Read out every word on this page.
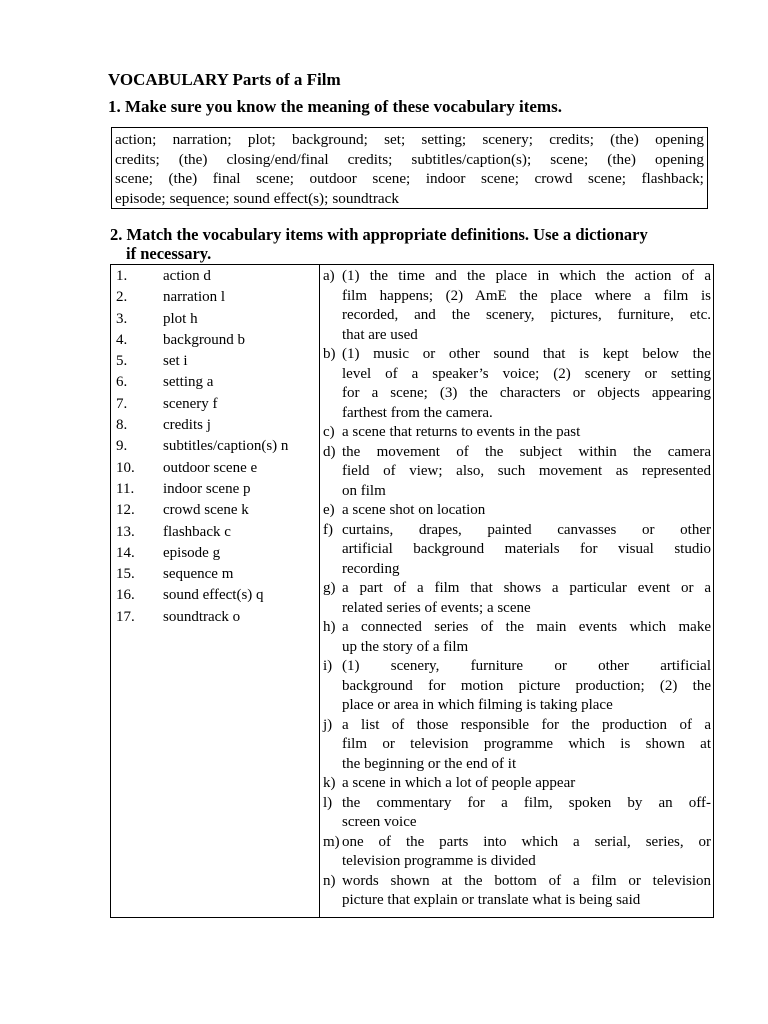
VOCABULARY Parts of a Film
1. Make sure you know the meaning of these vocabulary items.
action; narration; plot; background; set; setting; scenery; credits; (the) opening
credits; (the) closing/end/final credits; subtitles/caption(s); scene; (the) opening
scene; (the) final scene; outdoor scene; indoor scene; crowd scene; flashback;
episode; sequence; sound effect(s); soundtrack
2. Match the vocabulary items with appropriate definitions. Use a dictionary
if necessary.
1. action d
2. narration l
3. plot h
4. background b
5. set i
6. setting a
7. scenery f
8. credits j
9. subtitles/caption(s) n
10. outdoor scene e
11. indoor scene p
12. crowd scene k
13. flashback c
14. episode g
15. sequence m
16. sound effect(s) q
17. soundtrack o
a) (1) the time and the place in which the action of a
film happens; (2) AmE the place where a film is
recorded, and the scenery, pictures, furniture, etc.
that are used
b) (1) music or other sound that is kept below the
level of a speaker’s voice; (2) scenery or setting
for a scene; (3) the characters or objects appearing
farthest from the camera.
c) a scene that returns to events in the past
d) the movement of the subject within the camera
field of view; also, such movement as represented
on film
e) a scene shot on location
f) curtains, drapes, painted canvasses or other
artificial background materials for visual studio
recording
g) a part of a film that shows a particular event or a
related series of events; a scene
h) a connected series of the main events which make
up the story of a film
i) (1) scenery, furniture or other artificial
background for motion picture production; (2) the
place or area in which filming is taking place
j) a list of those responsible for the production of a
film or television programme which is shown at
the beginning or the end of it
k) a scene in which a lot of people appear
l) the commentary for a film, spoken by an off-
screen voice
m) one of the parts into which a serial, series, or
television programme is divided
n) words shown at the bottom of a film or television
picture that explain or translate what is being said
